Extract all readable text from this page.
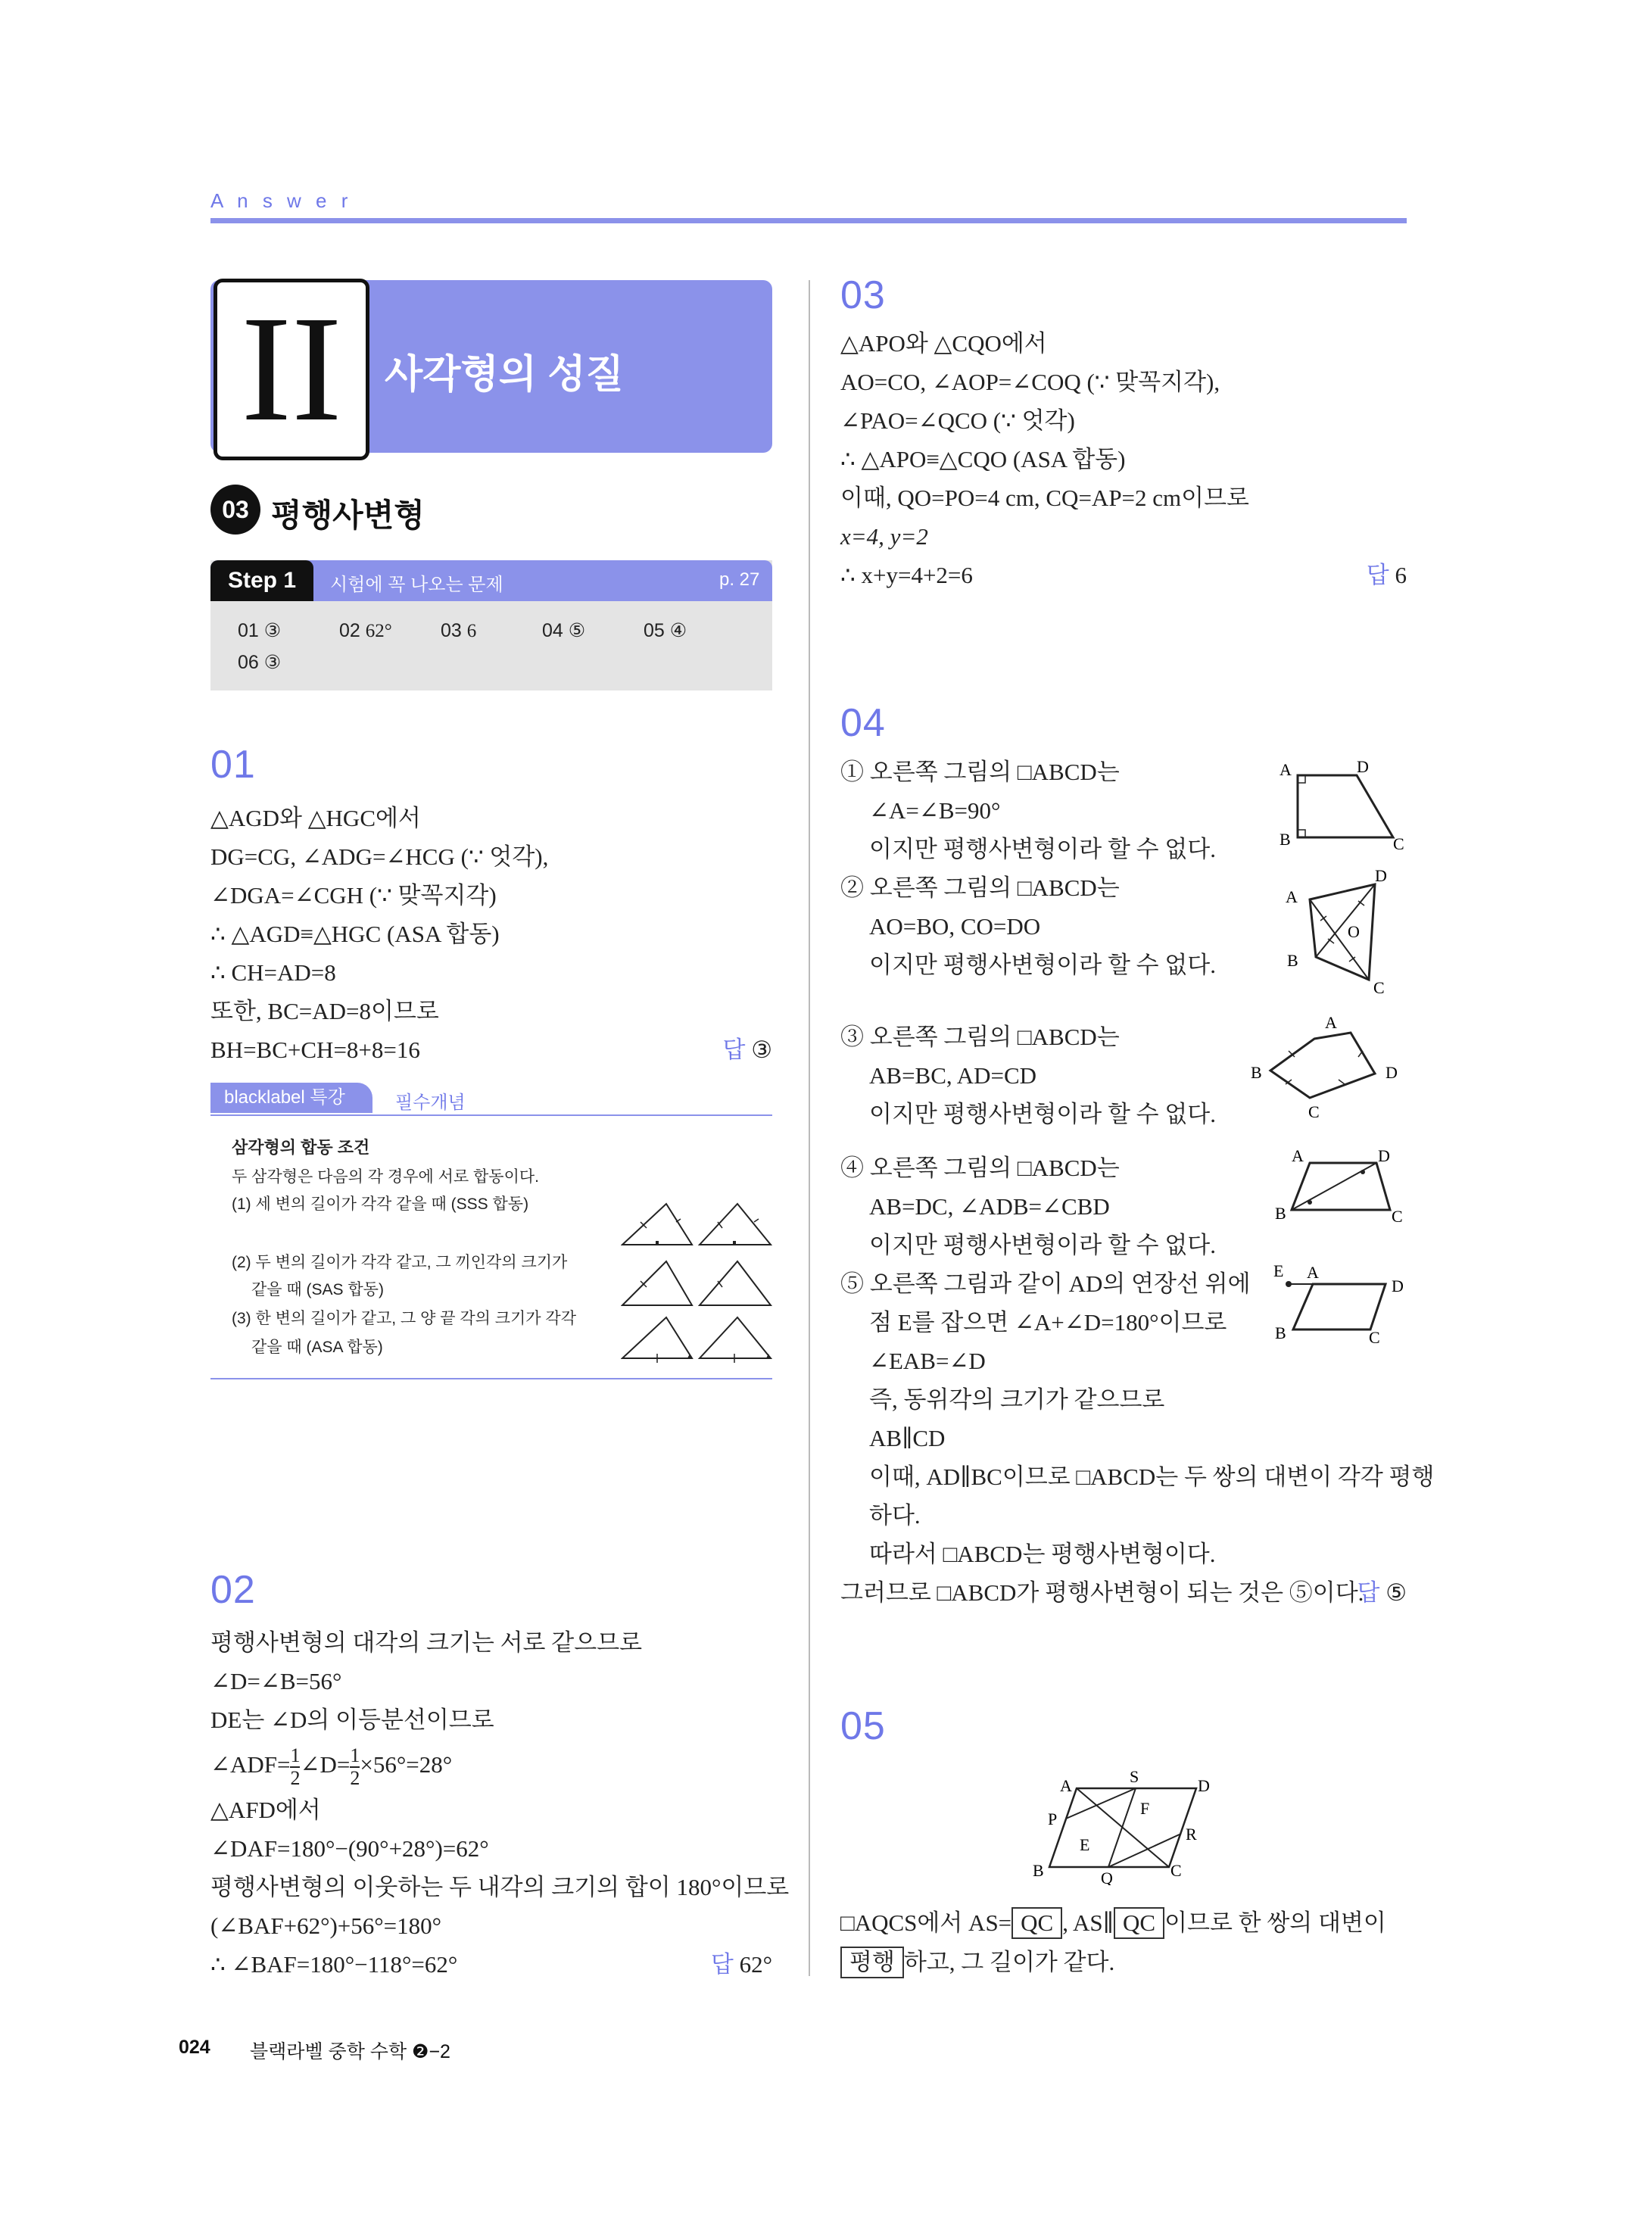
A n s w e r
II	사각형의 성질
03 평행사변형
Step 1	시험에 꼭 나오는 문제	p. 27
01 ③	02 62°	03 6	04 ⑤	05 ④
06 ③
01
△AGD와 △HGC에서
DG=CG, ∠ADG=∠HCG (∵ 엇각),
∠DGA=∠CGH (∵ 맞꼭지각)
∴ △AGD≡△HGC (ASA 합동)
∴ CH=AD=8
또한, BC=AD=8이므로
BH=BC+CH=8+8=16	답 ③
blacklabel 특강	필수개념
삼각형의 합동 조건
두 삼각형은 다음의 각 경우에 서로 합동이다.
(1) 세 변의 길이가 각각 같을 때 (SSS 합동)
(2) 두 변의 길이가 각각 같고, 그 끼인각의 크기가
같을 때 (SAS 합동)
(3) 한 변의 길이가 같고, 그 양 끝 각의 크기가 각각
같을 때 (ASA 합동)
02
평행사변형의 대각의 크기는 서로 같으므로
∠D=∠B=56°
DE는 ∠D의 이등분선이므로
∠ADF= $\frac{1}{2}$ ∠D= $\frac{1}{2} \times 56^\circ=28^\circ$
△AFD에서
∠DAF=180°−(90°+28°)=62°
평행사변형의 이웃하는 두 내각의 크기의 합이 180°이므로
(∠BAF+62°)+56°=180°
∴ ∠BAF=180°−118°=62°	답 62°
03
△APO와 △CQO에서
AO=CO, ∠AOP=∠COQ (∵ 맞꼭지각),
∠PAO=∠QCO (∵ 엇각)
∴ △APO≡△CQO (ASA 합동)
이때, QO=PO=4 cm, CQ=AP=2 cm이므로
x=4, y=2
∴ x+y=4+2=6	답 6
04
① 오른쪽 그림의 □ABCD는
∠A=∠B=90°
이지만 평행사변형이라 할 수 없다.
② 오른쪽 그림의 □ABCD는
AO=BO, CO=DO
이지만 평행사변형이라 할 수 없다.
③ 오른쪽 그림의 □ABCD는
AB=BC, AD=CD
이지만 평행사변형이라 할 수 없다.
④ 오른쪽 그림의 □ABCD는
AB=DC, ∠ADB=∠CBD
이지만 평행사변형이라 할 수 없다.
⑤ 오른쪽 그림과 같이 AD의 연장선 위에
점 E를 잡으면 ∠A+∠D=180°이므로
∠EAB=∠D
즉, 동위각의 크기가 같으므로
AB∥CD
이때, AD∥BC이므로 □ABCD는 두 쌍의 대변이 각각 평행
하다.
따라서 □ABCD는 평행사변형이다.
그러므로 □ABCD가 평행사변형이 되는 것은 ⑤이다.
답 ⑤
A	D
B	C
A
D
O
B
C
A
B	D
C
A	D
B	C
E A
D
B	C
05
A	S	D
F
P
R
E
B	Q	C
□AQCS에서 AS= QC , AS∥ QC 이므로 한 쌍의 대변이
평행 하고, 그 길이가 같다.
024 블랙라벨 중학 수학 ❷−2
